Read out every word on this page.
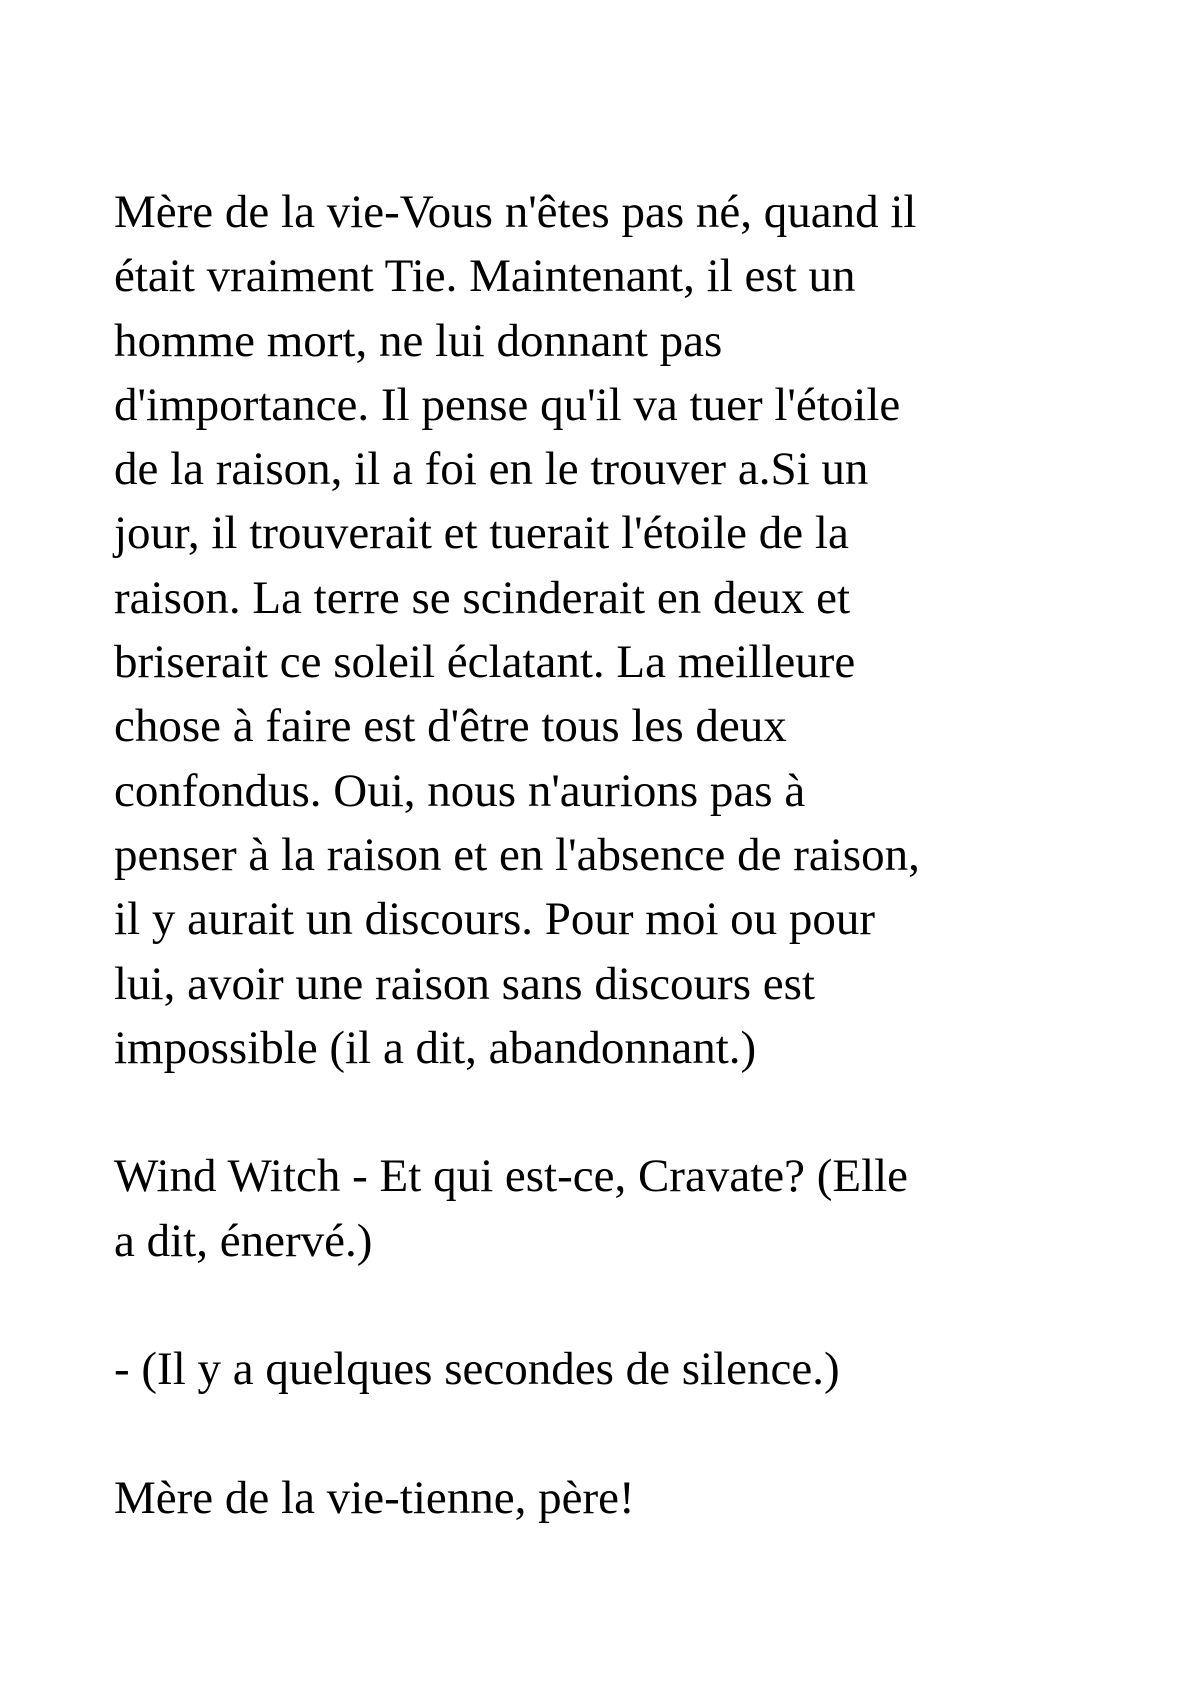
Mère de la vie-Vous n'êtes pas né, quand il
était vraiment Tie. Maintenant, il est un
homme mort, ne lui donnant pas
d'importance. Il pense qu'il va tuer l'étoile
de la raison, il a foi en le trouver a.Si un
jour, il trouverait et tuerait l'étoile de la
raison. La terre se scinderait en deux et
briserait ce soleil éclatant. La meilleure
chose à faire est d'être tous les deux
confondus. Oui, nous n'aurions pas à
penser à la raison et en l'absence de raison,
il y aurait un discours. Pour moi ou pour
lui, avoir une raison sans discours est
impossible (il a dit, abandonnant.)
Wind Witch - Et qui est-ce, Cravate? (Elle
a dit, énervé.)
- (Il y a quelques secondes de silence.)
Mère de la vie-tienne, père!
